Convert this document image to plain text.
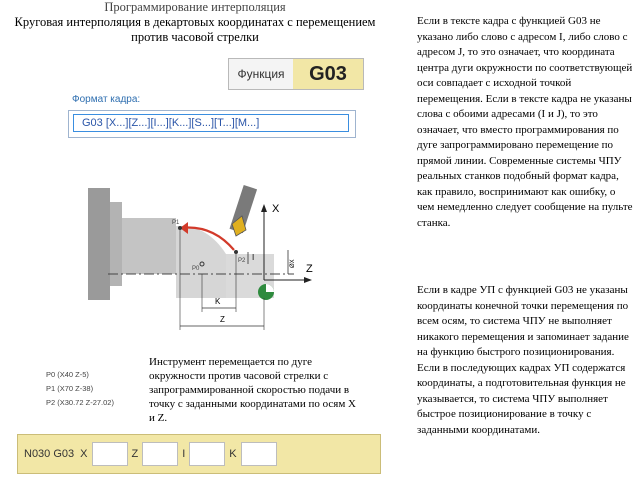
Программирование интерполяция
Круговая интерполяция в декартовых координатах с перемещением
против часовой стрелки
Функция	G03
Формат кадра:
G03 [X...][Z...][I...][K...][S...][T...][M...]
X
Z
P1
P2
P0
I
ØX
K
Z
Инструмент перемещается по дуге окружности против часовой стрелки с запрограммированной скоростью подачи в точку с заданными координатами по осям X и Z.
P0 (X40 Z-5)
P1 (X70 Z-38)
P2 (X30.72 Z-27.02)
N030 G03 X	Z	I	K
Если в тексте кадра с функцией G03 не указано либо слово с адресом I, либо слово с адресом J, то это означает, что координата центра дуги окружности по соответствующей оси совпадает с исходной точкой перемещения. Если в тексте кадра не указаны слова с обоими адресами (I и J), то это означает, что вместо программирования по дуге запрограммировано перемещение по прямой линии. Современные системы ЧПУ реальных станков подобный формат кадра, как правило, воспринимают как ошибку, о чем немедленно следует сообщение на пульте станка.
Если в кадре УП с функцией G03 не указаны координаты конечной точки перемещения по всем осям, то система ЧПУ не выполняет никакого перемещения и запоминает задание на функцию быстрого позиционирования. Если в последующих кадрах УП содержатся координаты, а подготовительная функция не указывается, то система ЧПУ выполняет быстрое позиционирование в точку с заданными координатами.
